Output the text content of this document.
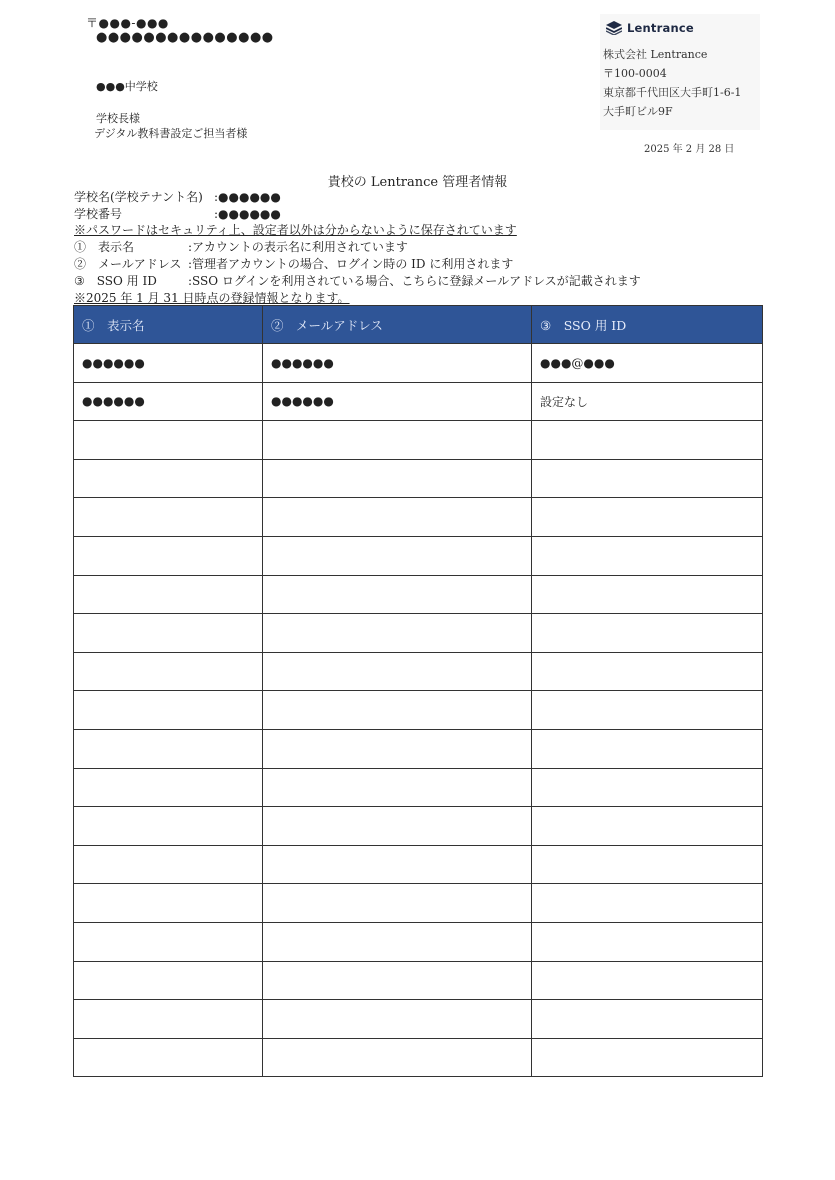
〒●●●-●●●
●●●●●●●●●●●●●●●
●●●中学校
学校長様
デジタル教科書設定ご担当者様
Lentrance
株式会社 Lentrance
〒100-0004
東京都千代田区大手町1-6-1
大手町ビル9F
2025 年 2 月 28 日
貴校の Lentrance 管理者情報
学校名(学校テナント名) :●●●●●●
学校番号	:●●●●●●
※パスワードはセキュリティ上、設定者以外は分からないように保存されています
①　表示名	:アカウントの表示名に利用されています
②　メールアドレス :管理者アカウントの場合、ログイン時の ID に利用されます
③　SSO 用 ID	:SSO ログインを利用されている場合、こちらに登録メールアドレスが記載されます
※2025 年 1 月 31 日時点の登録情報となります。
①　表示名	②　メールアドレス	③　SSO 用 ID
●●●●●●	●●●●●●	●●●@●●●
●●●●●●	●●●●●●	設定なし
